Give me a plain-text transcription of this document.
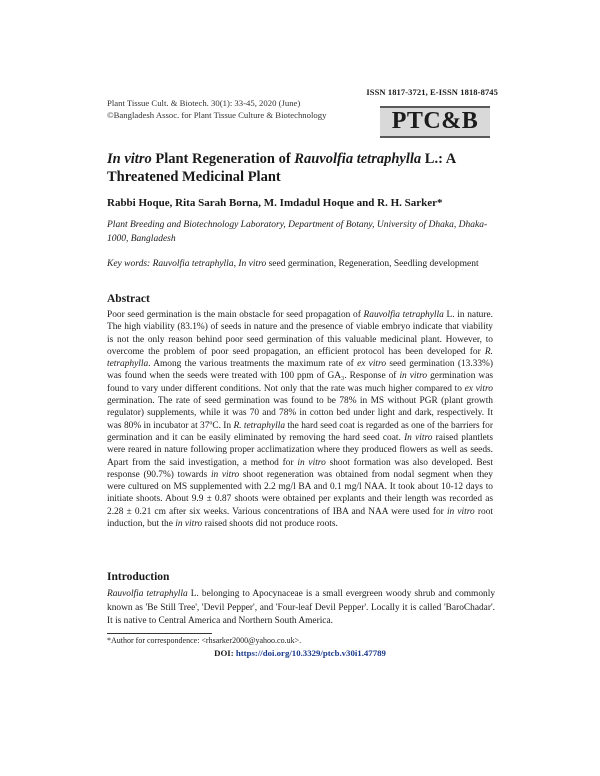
ISSN 1817-3721, E-ISSN 1818-8745
Plant Tissue Cult. & Biotech. 30(1): 33-45, 2020 (June)
©Bangladesh Assoc. for Plant Tissue Culture & Biotechnology	PTC&B
In vitro Plant Regeneration of Rauvolfia tetraphylla L.: A Threatened Medicinal Plant
Rabbi Hoque, Rita Sarah Borna, M. Imdadul Hoque and R. H. Sarker*
Plant Breeding and Biotechnology Laboratory, Department of Botany, University of Dhaka, Dhaka-1000, Bangladesh
Key words: Rauvolfia tetraphylla, In vitro seed germination, Regeneration, Seedling development
Abstract

Poor seed germination is the main obstacle for seed propagation of Rauvolfia tetraphylla L. in nature. The high viability (83.1%) of seeds in nature and the presence of viable embryo indicate that viability is not the only reason behind poor seed germination of this valuable medicinal plant. However, to overcome the problem of poor seed propagation, an efficient protocol has been developed for R. tetraphylla. Among the various treatments the maximum rate of ex vitro seed germination (13.33%) was found when the seeds were treated with 100 ppm of GA₃. Response of in vitro germination was found to vary under different conditions. Not only that the rate was much higher compared to ex vitro germination. The rate of seed germination was found to be 78% in MS without PGR (plant growth regulator) supplements, while it was 70 and 78% in cotton bed under light and dark, respectively. It was 80% in incubator at 37ºC. In R. tetraphylla the hard seed coat is regarded as one of the barriers for germination and it can be easily eliminated by removing the hard seed coat. In vitro raised plantlets were reared in nature following proper acclimatization where they produced flowers as well as seeds. Apart from the said investigation, a method for in vitro shoot formation was also developed. Best response (90.7%) towards in vitro shoot regeneration was obtained from nodal segment when they were cultured on MS supplemented with 2.2 mg/l BA and 0.1 mg/l NAA. It took about 10-12 days to initiate shoots. About 9.9 ± 0.87 shoots were obtained per explants and their length was recorded as 2.28 ± 0.21 cm after six weeks. Various concentrations of IBA and NAA were used for in vitro root induction, but the in vitro raised shoots did not produce roots.

Introduction

Rauvolfia tetraphylla L. belonging to Apocynaceae is a small evergreen woody shrub and commonly known as 'Be Still Tree', 'Devil Pepper', and 'Four-leaf Devil Pepper'. Locally it is called 'BaroChadar'. It is native to Central America and Northern South America.

*Author for correspondence: <rhsarker2000@yahoo.co.uk>.
DOI: https://doi.org/10.3329/ptcb.v30i1.47789
